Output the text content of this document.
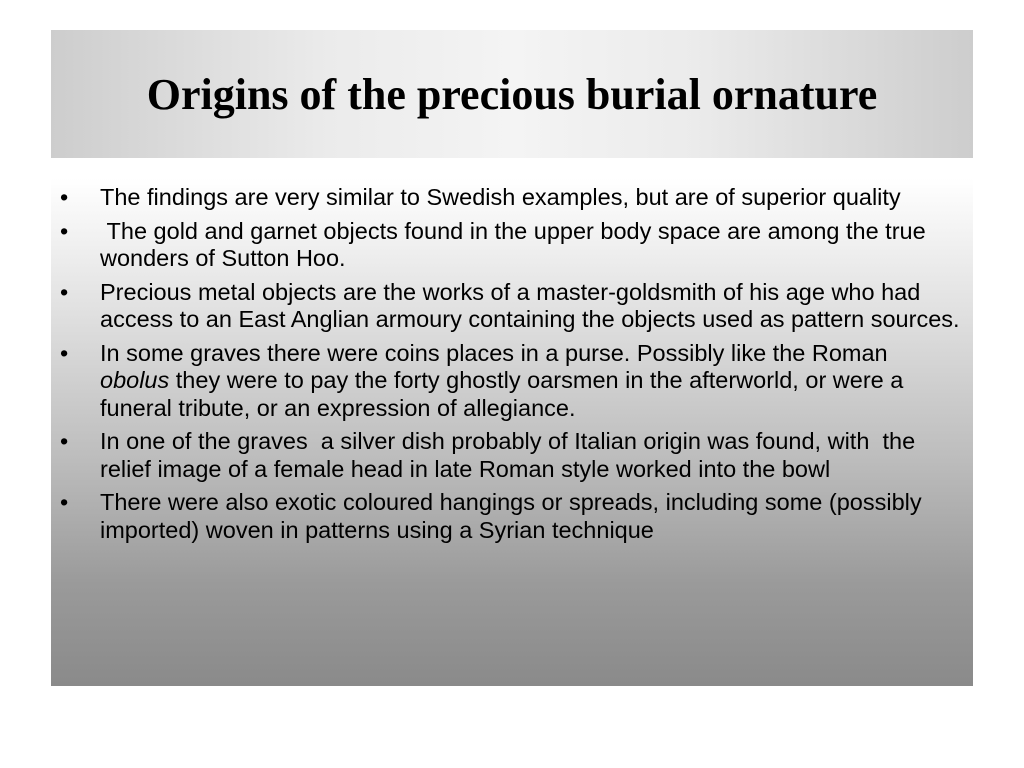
Origins of the precious burial ornature
• The findings are very similar to Swedish examples, but are of superior quality
• The gold and garnet objects found in the upper body space are among the true wonders of Sutton Hoo.
• Precious metal objects are the works of a master-goldsmith of his age who had access to an East Anglian armoury containing the objects used as pattern sources.
• In some graves there were coins places in a purse. Possibly like the Roman obolus they were to pay the forty ghostly oarsmen in the afterworld, or were a funeral tribute, or an expression of allegiance.
• In one of the graves  a silver dish probably of Italian origin was found, with  the relief image of a female head in late Roman style worked into the bowl
• There were also exotic coloured hangings or spreads, including some (possibly imported) woven in patterns using a Syrian technique
